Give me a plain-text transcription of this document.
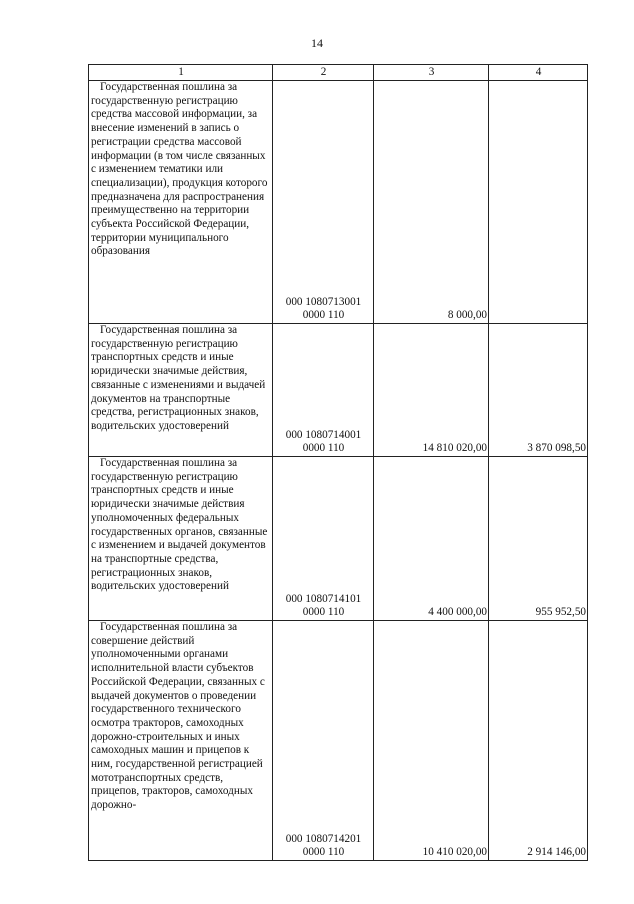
14
1	2	3	4

Государственная пошлина за государственную регистрацию средства массовой информации, за внесение изменений в запись о регистрации средства массовой информации (в том числе связанных с изменением тематики или специализации), продукция которого предназначена для распространения преимущественно на территории субъекта Российской Федерации, территории муниципального образования	000 1080713001 0000 110	8 000,00	

Государственная пошлина за государственную регистрацию транспортных средств и иные юридически значимые действия, связанные с изменениями и выдачей документов на транспортные средства, регистрационных знаков, водительских удостоверений	000 1080714001 0000 110	14 810 020,00	3 870 098,50

Государственная пошлина за государственную регистрацию транспортных средств и иные юридически значимые действия уполномоченных федеральных государственных органов, связанные с изменением и выдачей документов на транспортные средства, регистрационных знаков, водительских удостоверений	000 1080714101 0000 110	4 400 000,00	955 952,50

Государственная пошлина за совершение действий уполномоченными органами исполнительной власти субъектов Российской Федерации, связанных с выдачей документов о проведении государственного технического осмотра тракторов, самоходных дорожно-строительных и иных самоходных машин и прицепов к ним, государственной регистрацией мототранспортных средств, прицепов, тракторов, самоходных дорожно-	000 1080714201 0000 110	10 410 020,00	2 914 146,00
